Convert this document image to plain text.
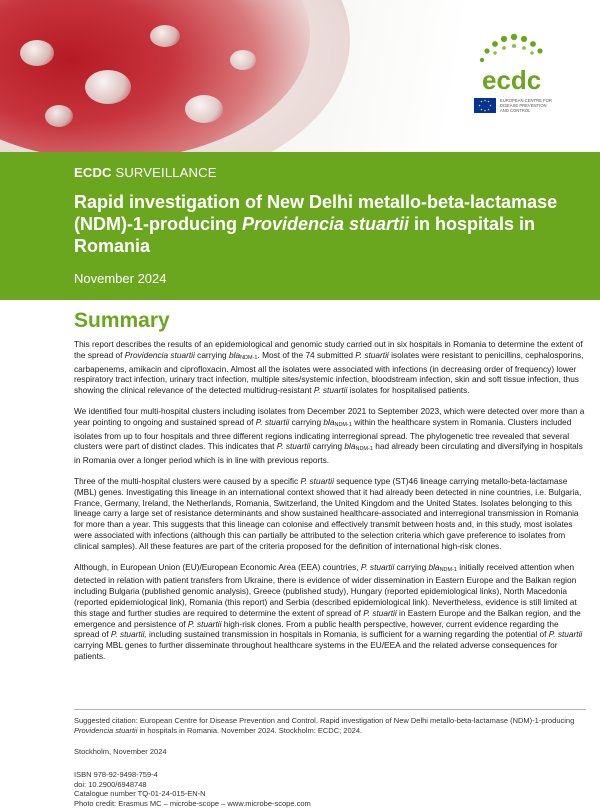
ecdc
EUROPEAN CENTRE FOR DISEASE PREVENTION AND CONTROL
ECDC SURVEILLANCE
Rapid investigation of New Delhi metallo-beta-lactamase (NDM)-1-producing Providencia stuartii in hospitals in Romania
November 2024
Summary

This report describes the results of an epidemiological and genomic study carried out in six hospitals in Romania to determine the extent of the spread of Providencia stuartii carrying bla$_{NDM-1}$. Most of the 74 submitted P. stuartii isolates were resistant to penicillins, cephalosporins, carbapenems, amikacin and ciprofloxacin. Almost all the isolates were associated with infections (in decreasing order of frequency) lower respiratory tract infection, urinary tract infection, multiple sites/systemic infection, bloodstream infection, skin and soft tissue infection, thus showing the clinical relevance of the detected multidrug-resistant P. stuartii isolates for hospitalised patients.

We identified four multi-hospital clusters including isolates from December 2021 to September 2023, which were detected over more than a year pointing to ongoing and sustained spread of P. stuartii carrying bla$_{NDM-1}$ within the healthcare system in Romania. Clusters included isolates from up to four hospitals and three different regions indicating interregional spread. The phylogenetic tree revealed that several clusters were part of distinct clades. This indicates that P. stuartii carrying bla$_{NDM-1}$ had already been circulating and diversifying in hospitals in Romania over a longer period which is in line with previous reports.

Three of the multi-hospital clusters were caused by a specific P. stuartii sequence type (ST)46 lineage carrying metallo-beta-lactamase (MBL) genes. Investigating this lineage in an international context showed that it had already been detected in nine countries, i.e. Bulgaria, France, Germany, Ireland, the Netherlands, Romania, Switzerland, the United Kingdom and the United States. Isolates belonging to this lineage carry a large set of resistance determinants and show sustained healthcare-associated and interregional transmission in Romania for more than a year. This suggests that this lineage can colonise and effectively transmit between hosts and, in this study, most isolates were associated with infections (although this can partially be attributed to the selection criteria which gave preference to isolates from clinical samples). All these features are part of the criteria proposed for the definition of international high-risk clones.

Although, in European Union (EU)/European Economic Area (EEA) countries, P. stuartii carrying bla$_{NDM-1}$ initially received attention when detected in relation with patient transfers from Ukraine, there is evidence of wider dissemination in Eastern Europe and the Balkan region including Bulgaria (published genomic analysis), Greece (published study), Hungary (reported epidemiological links), North Macedonia (reported epidemiological link), Romania (this report) and Serbia (described epidemiological link). Nevertheless, evidence is still limited at this stage and further studies are required to determine the extent of spread of P. stuartii in Eastern Europe and the Balkan region, and the emergence and persistence of P. stuartii high-risk clones. From a public health perspective, however, current evidence regarding the spread of P. stuartii, including sustained transmission in hospitals in Romania, is sufficient for a warning regarding the potential of P. stuartii carrying MBL genes to further disseminate throughout healthcare systems in the EU/EEA and the related adverse consequences for patients.

Suggested citation: European Centre for Disease Prevention and Control. Rapid investigation of New Delhi metallo-beta-lactamase (NDM)-1-producing Providencia stuartii in hospitals in Romania. November 2024. Stockholm: ECDC; 2024.

Stockholm, November 2024
ISBN 978-92-9498-759-4
doi: 10.2900/6948748
Catalogue number TQ-01-24-015-EN-N
Photo credit: Erasmus MC – microbe-scope – www.microbe-scope.com
